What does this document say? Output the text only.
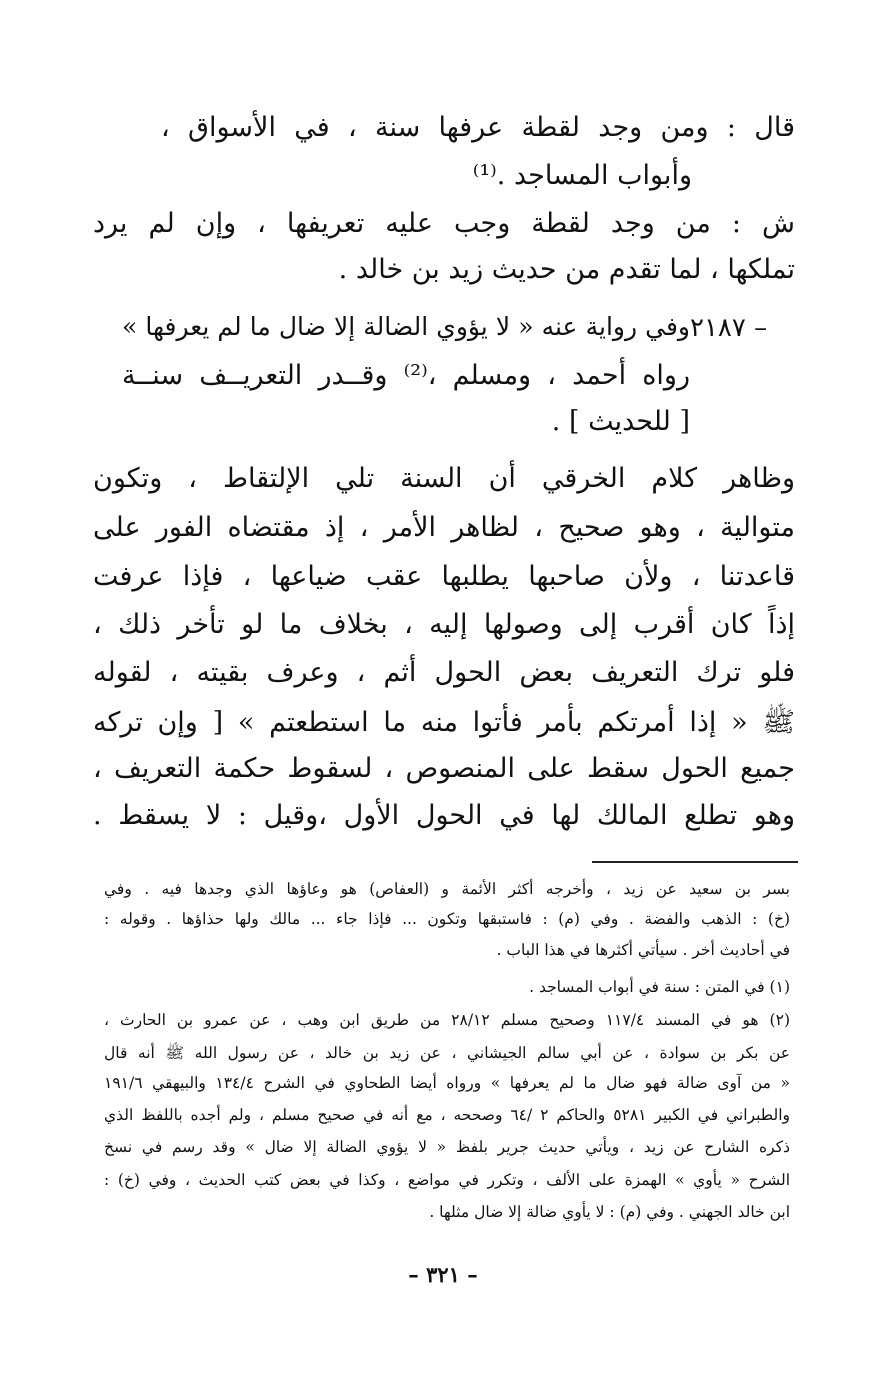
قال : ومن وجد لقطة عرفها سنة ، في الأسواق ،
وأبواب المساجد .⁽¹⁾
ش : من وجد لقطة وجب عليه تعريفها ، وإن لم يرد
تملكها ، لما تقدم من حديث زيد بن خالد .
٢١٨٧ –
وفي رواية عنه « لا يؤوي الضالة إلا ضال ما لم يعرفها »
رواه أحمد ، ومسلم ،⁽²⁾ وقــدر التعريــف سنــة
[ للحديث ] .
وظاهر كلام الخرقي أن السنة تلي الإلتقاط ، وتكون
متوالية ، وهو صحيح ، لظاهر الأمر ، إذ مقتضاه الفور على
قاعدتنا ، ولأن صاحبها يطلبها عقب ضياعها ، فإذا عرفت
إذاً كان أقرب إلى وصولها إليه ، بخلاف ما لو تأخر ذلك ،
فلو ترك التعريف بعض الحول أثم ، وعرف بقيته ، لقوله
ﷺ « إذا أمرتكم بأمر فأتوا منه ما استطعتم » [ وإن تركه
جميع الحول سقط على المنصوص ، لسقوط حكمة التعريف ،
وهو تطلع المالك لها في الحول الأول ،وقيل : لا يسقط .
بسر بن سعيد عن زيد ، وأخرجه أكثر الأئمة و (العفاص) هو وعاؤها الذي وجدها فيه . وفي
(خ) : الذهب والفضة . وفي (م) : فاستبقها وتكون ... فإذا جاء ... مالك ولها حذاؤها . وقوله :
في أحاديث أخر . سيأتي أكثرها في هذا الباب .
(١) في المتن : سنة في أبواب المساجد .
(٢) هو في المسند ١١٧/٤ وصحيح مسلم ٢٨/١٢ من طريق ابن وهب ، عن عمرو بن الحارث ،
عن بكر بن سوادة ، عن أبي سالم الجيشاني ، عن زيد بن خالد ، عن رسول الله ﷺ أنه قال
« من آوى ضالة فهو ضال ما لم يعرفها » ورواه أيضا الطحاوي في الشرح ١٣٤/٤ والبيهقي ١٩١/٦
والطبراني في الكبير ٥٢٨١ والحاكم ٢ /٦٤ وصححه ، مع أنه في صحيح مسلم ، ولم أجده باللفظ الذي
ذكره الشارح عن زيد ، ويأتي حديث جرير بلفظ « لا يؤوي الضالة إلا ضال » وقد رسم في نسخ
الشرح « يأوي » الهمزة على الألف ، وتكرر في مواضع ، وكذا في بعض كتب الحديث ، وفي (خ) :
ابن خالد الجهني . وفي (م) : لا يأوي ضالة إلا ضال مثلها .
– ٣٢١ –
